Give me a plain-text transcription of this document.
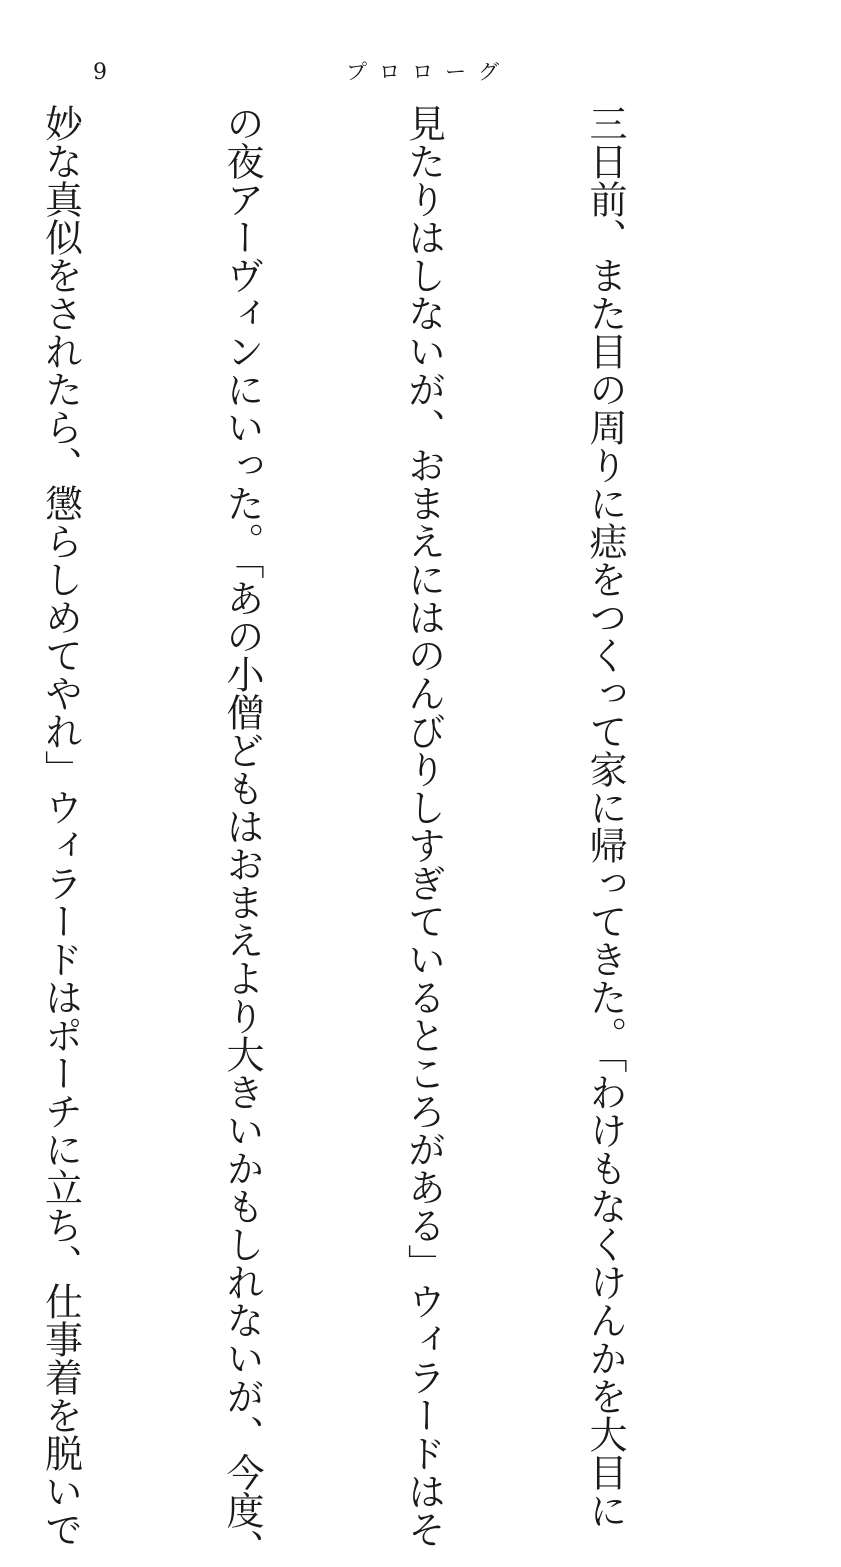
9	プロローグ

三日前、また目の周りに痣をつくって家に帰ってきた。「わけもなくけんかを大目に

見たりはしないが、おまえにはのんびりしすぎているところがある」ウィラードはそ

の夜アーヴィンにいった。「あの小僧どもはおまえより大きいかもしれないが、今度、

妙な真似をされたら、懲らしめてやれ」ウィラードはポーチに立ち、仕事着を脱いで
